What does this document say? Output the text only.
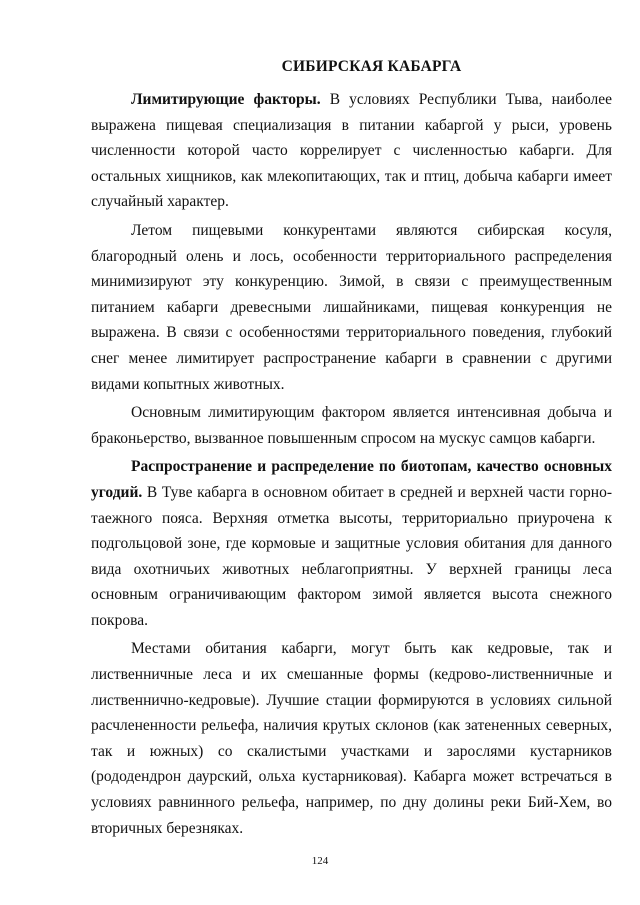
СИБИРСКАЯ КАБАРГА

Лимитирующие факторы. В условиях Республики Тыва, наиболее выражена пищевая специализация в питании кабаргой у рыси, уровень численности которой часто коррелирует с численностью кабарги. Для остальных хищников, как млекопитающих, так и птиц, добыча кабарги имеет случайный характер.

Летом пищевыми конкурентами являются сибирская косуля, благородный олень и лось, особенности территориального распределения минимизируют эту конкуренцию. Зимой, в связи с преимущественным питанием кабарги древесными лишайниками, пищевая конкуренция не выражена. В связи с особенностями территориального поведения, глубокий снег менее лимитирует распространение кабарги в сравнении с другими видами копытных животных.

Основным лимитирующим фактором является интенсивная добыча и браконьерство, вызванное повышенным спросом на мускус самцов кабарги.

Распространение и распределение по биотопам, качество основных угодий. В Туве кабарга в основном обитает в средней и верхней части горно-таежного пояса. Верхняя отметка высоты, территориально приурочена к подгольцовой зоне, где кормовые и защитные условия обитания для данного вида охотничьих животных неблагоприятны. У верхней границы леса основным ограничивающим фактором зимой является высота снежного покрова.

Местами обитания кабарги, могут быть как кедровые, так и лиственничные леса и их смешанные формы (кедрово-лиственничные и лиственнично-кедровые). Лучшие стации формируются в условиях сильной расчлененности рельефа, наличия крутых склонов (как затененных северных, так и южных) со скалистыми участками и зарослями кустарников (рододендрон даурский, ольха кустарниковая). Кабарга может встречаться в условиях равнинного рельефа, например, по дну долины реки Бий-Хем, во вторичных березняках.

124
